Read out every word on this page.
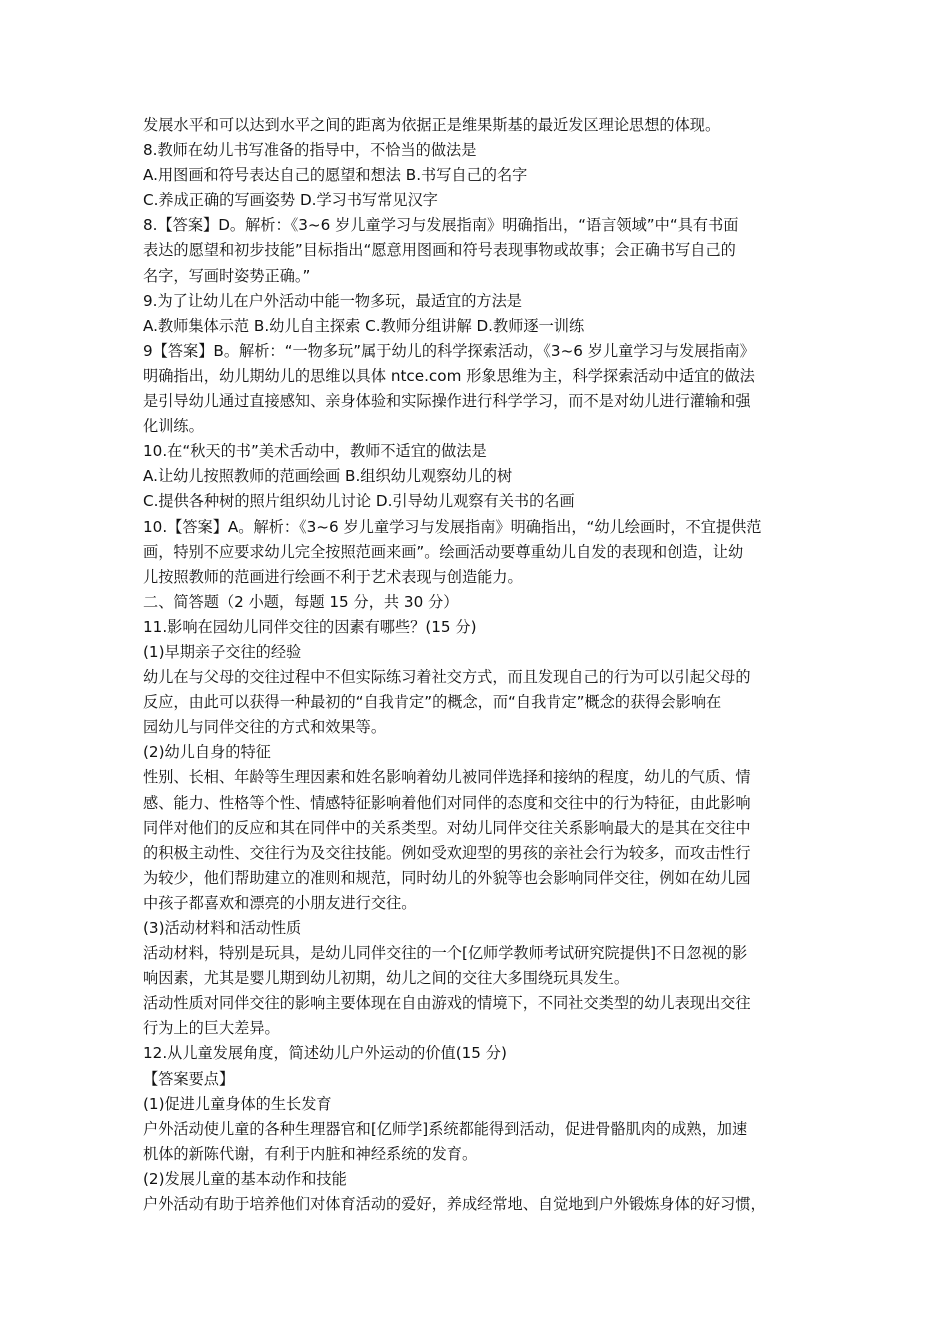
发展水平和可以达到水平之间的距离为依据正是维果斯基的最近发区理论思想的体现。
8.教师在幼儿书写准备的指导中，不恰当的做法是
A.用图画和符号表达自己的愿望和想法 B.书写自己的名字
C.养成正确的写画姿势 D.学习书写常见汉字
8.【答案】D。解析：《3~6 岁儿童学习与发展指南》明确指出，“语言领域”中“具有书面
表达的愿望和初步技能”目标指出“愿意用图画和符号表现事物或故事；会正确书写自己的
名字，写画时姿势正确。”
9.为了让幼儿在户外活动中能一物多玩，最适宜的方法是
A.教师集体示范 B.幼儿自主探索 C.教师分组讲解 D.教师逐一训练
9【答案】B。解析：“一物多玩”属于幼儿的科学探索活动，《3~6 岁儿童学习与发展指南》
明确指出，幼儿期幼儿的思维以具体 ntce.com 形象思维为主，科学探索活动中适宜的做法
是引导幼儿通过直接感知、亲身体验和实际操作进行科学学习，而不是对幼儿进行灌输和强
化训练。
10.在“秋天的书”美术舌动中，教师不适宜的做法是
A.让幼儿按照教师的范画绘画 B.组织幼儿观察幼儿的树
C.提供各种树的照片组织幼儿讨论 D.引导幼儿观察有关书的名画
10.【答案】A。解析：《3~6 岁儿童学习与发展指南》明确指出，“幼儿绘画时，不宜提供范
画，特别不应要求幼儿完全按照范画来画”。绘画活动要尊重幼儿自发的表现和创造，让幼
儿按照教师的范画进行绘画不利于艺术表现与创造能力。
二、简答题（2 小题，每题 15 分，共 30 分）
11.影响在园幼儿同伴交往的因素有哪些？(15 分)
(1)早期亲子交往的经验
幼儿在与父母的交往过程中不但实际练习着社交方式，而且发现自己的行为可以引起父母的
反应，由此可以获得一种最初的“自我肯定”的概念，而“自我肯定”概念的获得会影响在
园幼儿与同伴交往的方式和效果等。
(2)幼儿自身的特征
性别、长相、年龄等生理因素和姓名影响着幼儿被同伴选择和接纳的程度，幼儿的气质、情
感、能力、性格等个性、情感特征影响着他们对同伴的态度和交往中的行为特征，由此影响
同伴对他们的反应和其在同伴中的关系类型。对幼儿同伴交往关系影响最大的是其在交往中
的积极主动性、交往行为及交往技能。例如受欢迎型的男孩的亲社会行为较多，而攻击性行
为较少，他们帮助建立的准则和规范，同时幼儿的外貌等也会影响同伴交往，例如在幼儿园
中孩子都喜欢和漂亮的小朋友进行交往。
(3)活动材料和活动性质
活动材料，特别是玩具，是幼儿同伴交往的一个[亿师学教师考试研究院提供]不日忽视的影
响因素，尤其是婴儿期到幼儿初期，幼儿之间的交往大多围绕玩具发生。
活动性质对同伴交往的影响主要体现在自由游戏的情境下，不同社交类型的幼儿表现出交往
行为上的巨大差异。
12.从儿童发展角度，简述幼儿户外运动的价值(15 分)
【答案要点】
(1)促进儿童身体的生长发育
户外活动使儿童的各种生理器官和[亿师学]系统都能得到活动，促进骨骼肌肉的成熟，加速
机体的新陈代谢，有利于内脏和神经系统的发育。
(2)发展儿童的基本动作和技能
户外活动有助于培养他们对体育活动的爱好，养成经常地、自觉地到户外锻炼身体的好习惯，
